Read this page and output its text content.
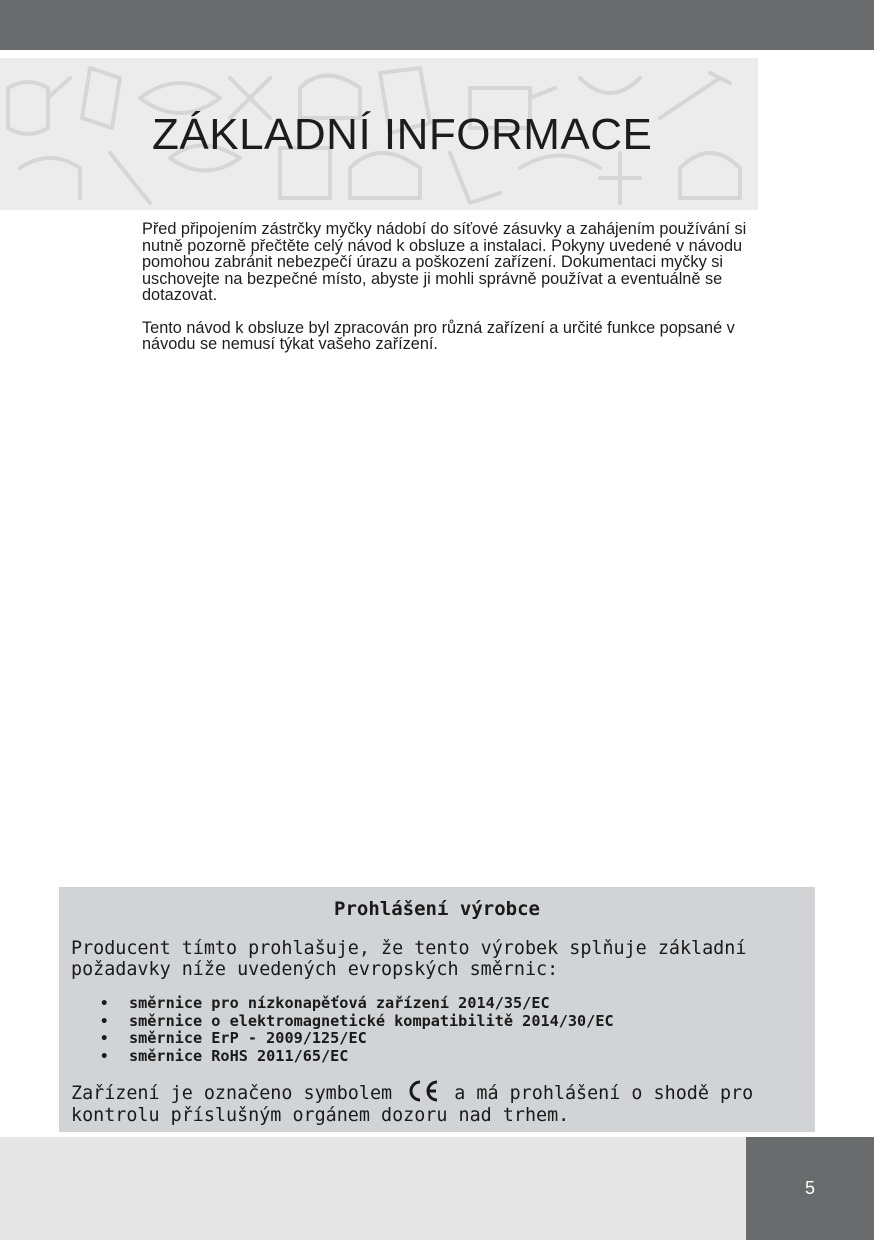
ZÁKLADNÍ INFORMACE

Před připojením zástrčky myčky nádobí do síťové zásuvky a zahájením používání si nutně pozorně přečtěte celý návod k obsluze a instalaci. Pokyny uvedené v návodu pomohou zabránit nebezpečí úrazu a poškození zařízení. Dokumentaci myčky si uschovejte na bezpečné místo, abyste ji mohli správně používat a eventuálně se dotazovat.

Tento návod k obsluze byl zpracován pro různá zařízení a určité funkce popsané v návodu se nemusí týkat vašeho zařízení.

Prohlášení výrobce
Producent tímto prohlašuje, že tento výrobek splňuje základní požadavky níže uvedených evropských směrnic:
• směrnice pro nízkonapěťová zařízení 2014/35/EC
• směrnice o elektromagnetické kompatibilitě 2014/30/EC
• směrnice ErP - 2009/125/EC
• směrnice RoHS 2011/65/EC
Zařízení je označeno symbolem	a má prohlášení o shodě pro kontrolu příslušným orgánem dozoru nad trhem.
5
